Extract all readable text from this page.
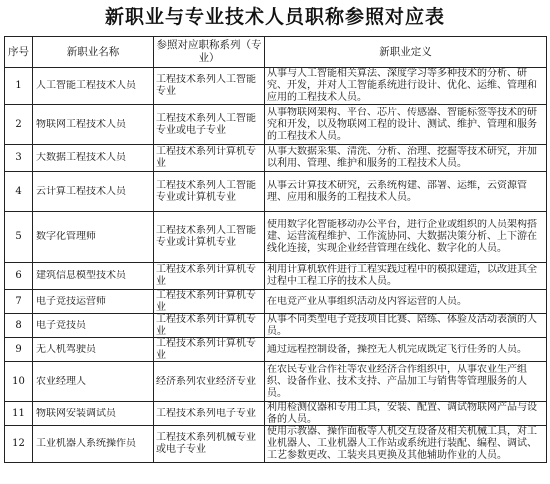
新职业与专业技术人员职称参照对应表
序号	新职业名称	参照对应职称系列（专业）	新职业定义

1	人工智能工程技术人员	工程技术系列人工智能专业	从事与人工智能相关算法、深度学习等多种技术的分析、研究、开发，并对人工智能系统进行设计、优化、运维、管理和应用的工程技术人员。

2	物联网工程技术人员	工程技术系列人工智能专业或电子专业	从事物联网架构、平台、芯片、传感器、智能标签等技术的研究和开发，以及物联网工程的设计、测试、维护、管理和服务的工程技术人员。

3	大数据工程技术人员	工程技术系列计算机专业	从事大数据采集、清洗、分析、治理、挖掘等技术研究，并加以利用、管理、维护和服务的工程技术人员。

4	云计算工程技术人员	工程技术系列人工智能专业或计算机专业	从事云计算技术研究，云系统构建、部署、运维，云资源管理、应用和服务的工程技术人员。

5	数字化管理师	工程技术系列人工智能专业或计算机专业	使用数字化智能移动办公平台，进行企业或组织的人员架构搭建、运营流程维护、工作流协同、大数据决策分析、上下游在线化连接，实现企业经营管理在线化、数字化的人员。

6	建筑信息模型技术员	工程技术系列计算机专业	利用计算机软件进行工程实践过程中的模拟建造，以改进其全过程中工程工序的技术人员。

7	电子竞技运营师	工程技术系列计算机专业	在电竞产业从事组织活动及内容运营的人员。

8	电子竞技员	工程技术系列计算机专业	从事不同类型电子竞技项目比赛、陪练、体验及活动表演的人员。

9	无人机驾驶员	工程技术系列计算机专业	通过远程控制设备，操控无人机完成既定飞行任务的人员。

10	农业经理人	经济系列农业经济专业	在农民专业合作社等农业经济合作组织中，从事农业生产组织、设备作业、技术支持、产品加工与销售等管理服务的人员。

11	物联网安装调试员	工程技术系列电子专业	利用检测仪器和专用工具，安装、配置、调试物联网产品与设备的人员。

12	工业机器人系统操作员	工程技术系列机械专业或电子专业	使用示教器、操作面板等人机交互设备及相关机械工具，对工业机器人、工业机器人工作站或系统进行装配、编程、调试、工艺参数更改、工装夹具更换及其他辅助作业的人员。
